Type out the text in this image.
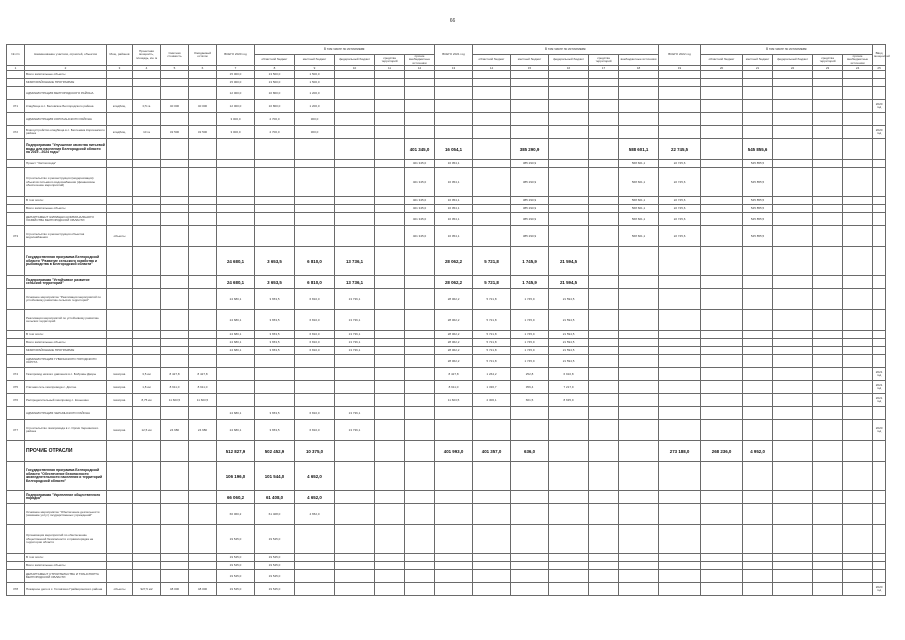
66
№ п/п	Наименование участков, отраслей, объектов	Мощ. районов	Проектная мощность, площадь, км. м	Сметная стоимость	Ожидаемый остаток	ВСЕГО 2020 год	В том числе по источникам:					ВСЕГО 2021 год	В том числе по источникам:					ВСЕГО 2022 год	В том числе по источникам:					Ввод мощностей
							областной бюджет	местный бюджет	федеральный бюджет	средства территорий	прочие внебюджетные источники		областной бюджет	местный бюджет	федеральный бюджет	средства территорий	внебюджетные источники		областной бюджет	местный бюджет	федеральный бюджет	средства территорий	прочие внебюджетные источники	
1	2	3	4	5	6	7	8	9	10	11	12	13	14	15	16	17	18	19	20	21	22	23	24	25
	Всего капитальные объекты					15 000,0	13 500,0	1 500,0																
	МИКРОРАЙОННЫЕ ПРОГРАММЫ					15 000,0	13 500,0	1 500,0																
	АДМИНИСТРАЦИЯ БЕЛГОРОДСКОГО РАЙОНА					12 000,0	10 800,0	1 200,0																
371	Кладбище в с. Беловское Белгородского района	кладбищ.	0,5 га	40 000	40 000	12 000,0	10 800,0	1 200,0																2020 год
	АДМИНИСТРАЦИЯ КОРОЧАНСКОГО РАЙОНА					3 000,0	2 700,0	300,0																
372	Благоустройство кладбища в с. Бехтеевка Корочанского района	кладбищ.	10 га	32 500	32 500	3 000,0	2 700,0	300,0																2020 год
	Подпрограмма "Улучшение качества питьевой воды для населения Белгородской области на 2019 - 2024 годы"										401 345,0	16 054,1		385 290,9			588 601,1	22 745,5		545 855,6				
	Проект "Чистая вода"										401 345,0	16 054,1		385 290,9			568 601,1	22 745,6		545 855,5				
	Строительство и реконструкция (модернизация) объектов питьевого водоснабжения (финансовое обеспечение мероприятий)										401 345,0	16 054,1		385 290,9			568 601,1	22 745,6		545 855,5				
	В том числе:										401 345,0	16 054,1		385 290,9			568 601,1	22 745,6		545 855,5				
	Всего капитальные объекты										401 345,0	16 054,1		385 290,9			568 601,1	22 745,6		545 855,5				
	ДЕПАРТАМЕНТ ЖИЛИЩНО-КОММУНАЛЬНОГО ХОЗЯЙСТВА БЕЛГОРОДСКОЙ ОБЛАСТИ										401 345,0	16 054,1		385 290,9			568 601,1	22 745,6		545 855,5				
373	Строительство и реконструкция объектов водоснабжения	объекты									401 345,0	16 054,1		385 290,9			568 601,1	22 745,6		545 855,5				
	Государственная программа Белгородской области "Развитие сельского хозяйства и рыбоводства в Белгородской области"					24 680,1	3 653,5	6 810,0	13 736,1			28 062,2	5 721,8	1 745,9	21 594,5									
	Подпрограмма "Устойчивое развитие сельских территорий"					24 680,1	3 653,5	6 810,0	13 736,1			28 062,2	5 721,8	1 745,9	21 594,5									
	Основное мероприятие "Реализация мероприятий по устойчивому развитию сельских территорий"					24 680,1	3 653,5	6 810,0	13 736,1			28 062,2	5 721,8	1 745,9	21 594,5									
	Реализация мероприятий по устойчивому развитию сельских территорий					24 680,1	3 653,5	6 810,0	13 736,1			28 062,2	5 721,8	1 745,9	21 594,5									
	В том числе:					24 680,1	3 653,5	6 810,0	13 736,1			28 062,2	5 721,8	1 745,9	21 594,5									
	Всего капитальные объекты					24 680,1	3 653,5	6 810,0	13 736,1			28 062,2	5 721,8	1 745,9	21 594,5									
	МИКРОРАЙОННЫЕ ПРОГРАММЫ					24 680,1	3 653,5	6 810,0	13 736,1			28 062,2	5 721,8	1 745,9	21 594,5									
	АДМИНИСТРАЦИЯ ГУБКИНСКОГО ГОРОДСКОГО ОКРУГА											28 062,2	5 721,8	1 745,9	21 594,5									
374	Газопровод низкого давления в с. Бобровы Дворы	газопров.	3,5 км	8 427,8	8 427,8							8 427,8	1 264,2	252,8	6 910,8									2021 год
375	Уличная сеть газопровода с. Долгое	газопров.	1,8 км	8 911,0	8 911,0							8 911,0	1 336,7	356,4	7 217,9									2021 год
376	Распределительный газопровод с. Коньшино	газопров.	8,75 км	11 603,5	11 603,5							11 603,5	2 306,1	661,5	8 635,9									2021 год
	АДМИНИСТРАЦИЯ ЧЕРНЯНСКОГО РАЙОНА					24 680,1	3 653,5	6 810,0	13 736,1															
377	Строительство газопровода в с. Орлик Чернянского района	газопров.	12,5 км	24 680	24 680	24 680,1	3 653,5	6 810,0	13 736,1															2020 год
	ПРОЧИЕ ОТРАСЛИ					512 827,9	502 452,9	10 375,0				401 993,0	401 357,0	636,0				273 188,0	268 236,0	4 952,0				
	Государственная программа Белгородской области "Обеспечение безопасности жизнедеятельности населения и территорий Белгородской области"					106 196,0	101 544,0	4 652,0																
	Подпрограмма "Укрепление общественного порядка"					66 060,2	61 408,0	4 652,0																
	Основное мероприятие "Обеспечение деятельности (оказание услуг) государственных учреждений"					66 060,2	61 408,0	4 652,0																
	Организация мероприятий по обеспечению общественной безопасности и правопорядка на территории области					19 545,0	19 545,0																	
	В том числе:					19 545,0	19 545,0																	
	Всего капитальные объекты					19 545,0	19 545,0																	
	ДЕПАРТАМЕНТ СТРОИТЕЛЬСТВА И ТРАНСПОРТА БЕЛГОРОДСКОЙ ОБЛАСТИ					19 545,0	19 545,0																	
378	Пожарное депо в с. Головчино Грайворонского района	объекты	927,5 м2	48 000	48 000	19 545,0	19 545,0																	2020 год
